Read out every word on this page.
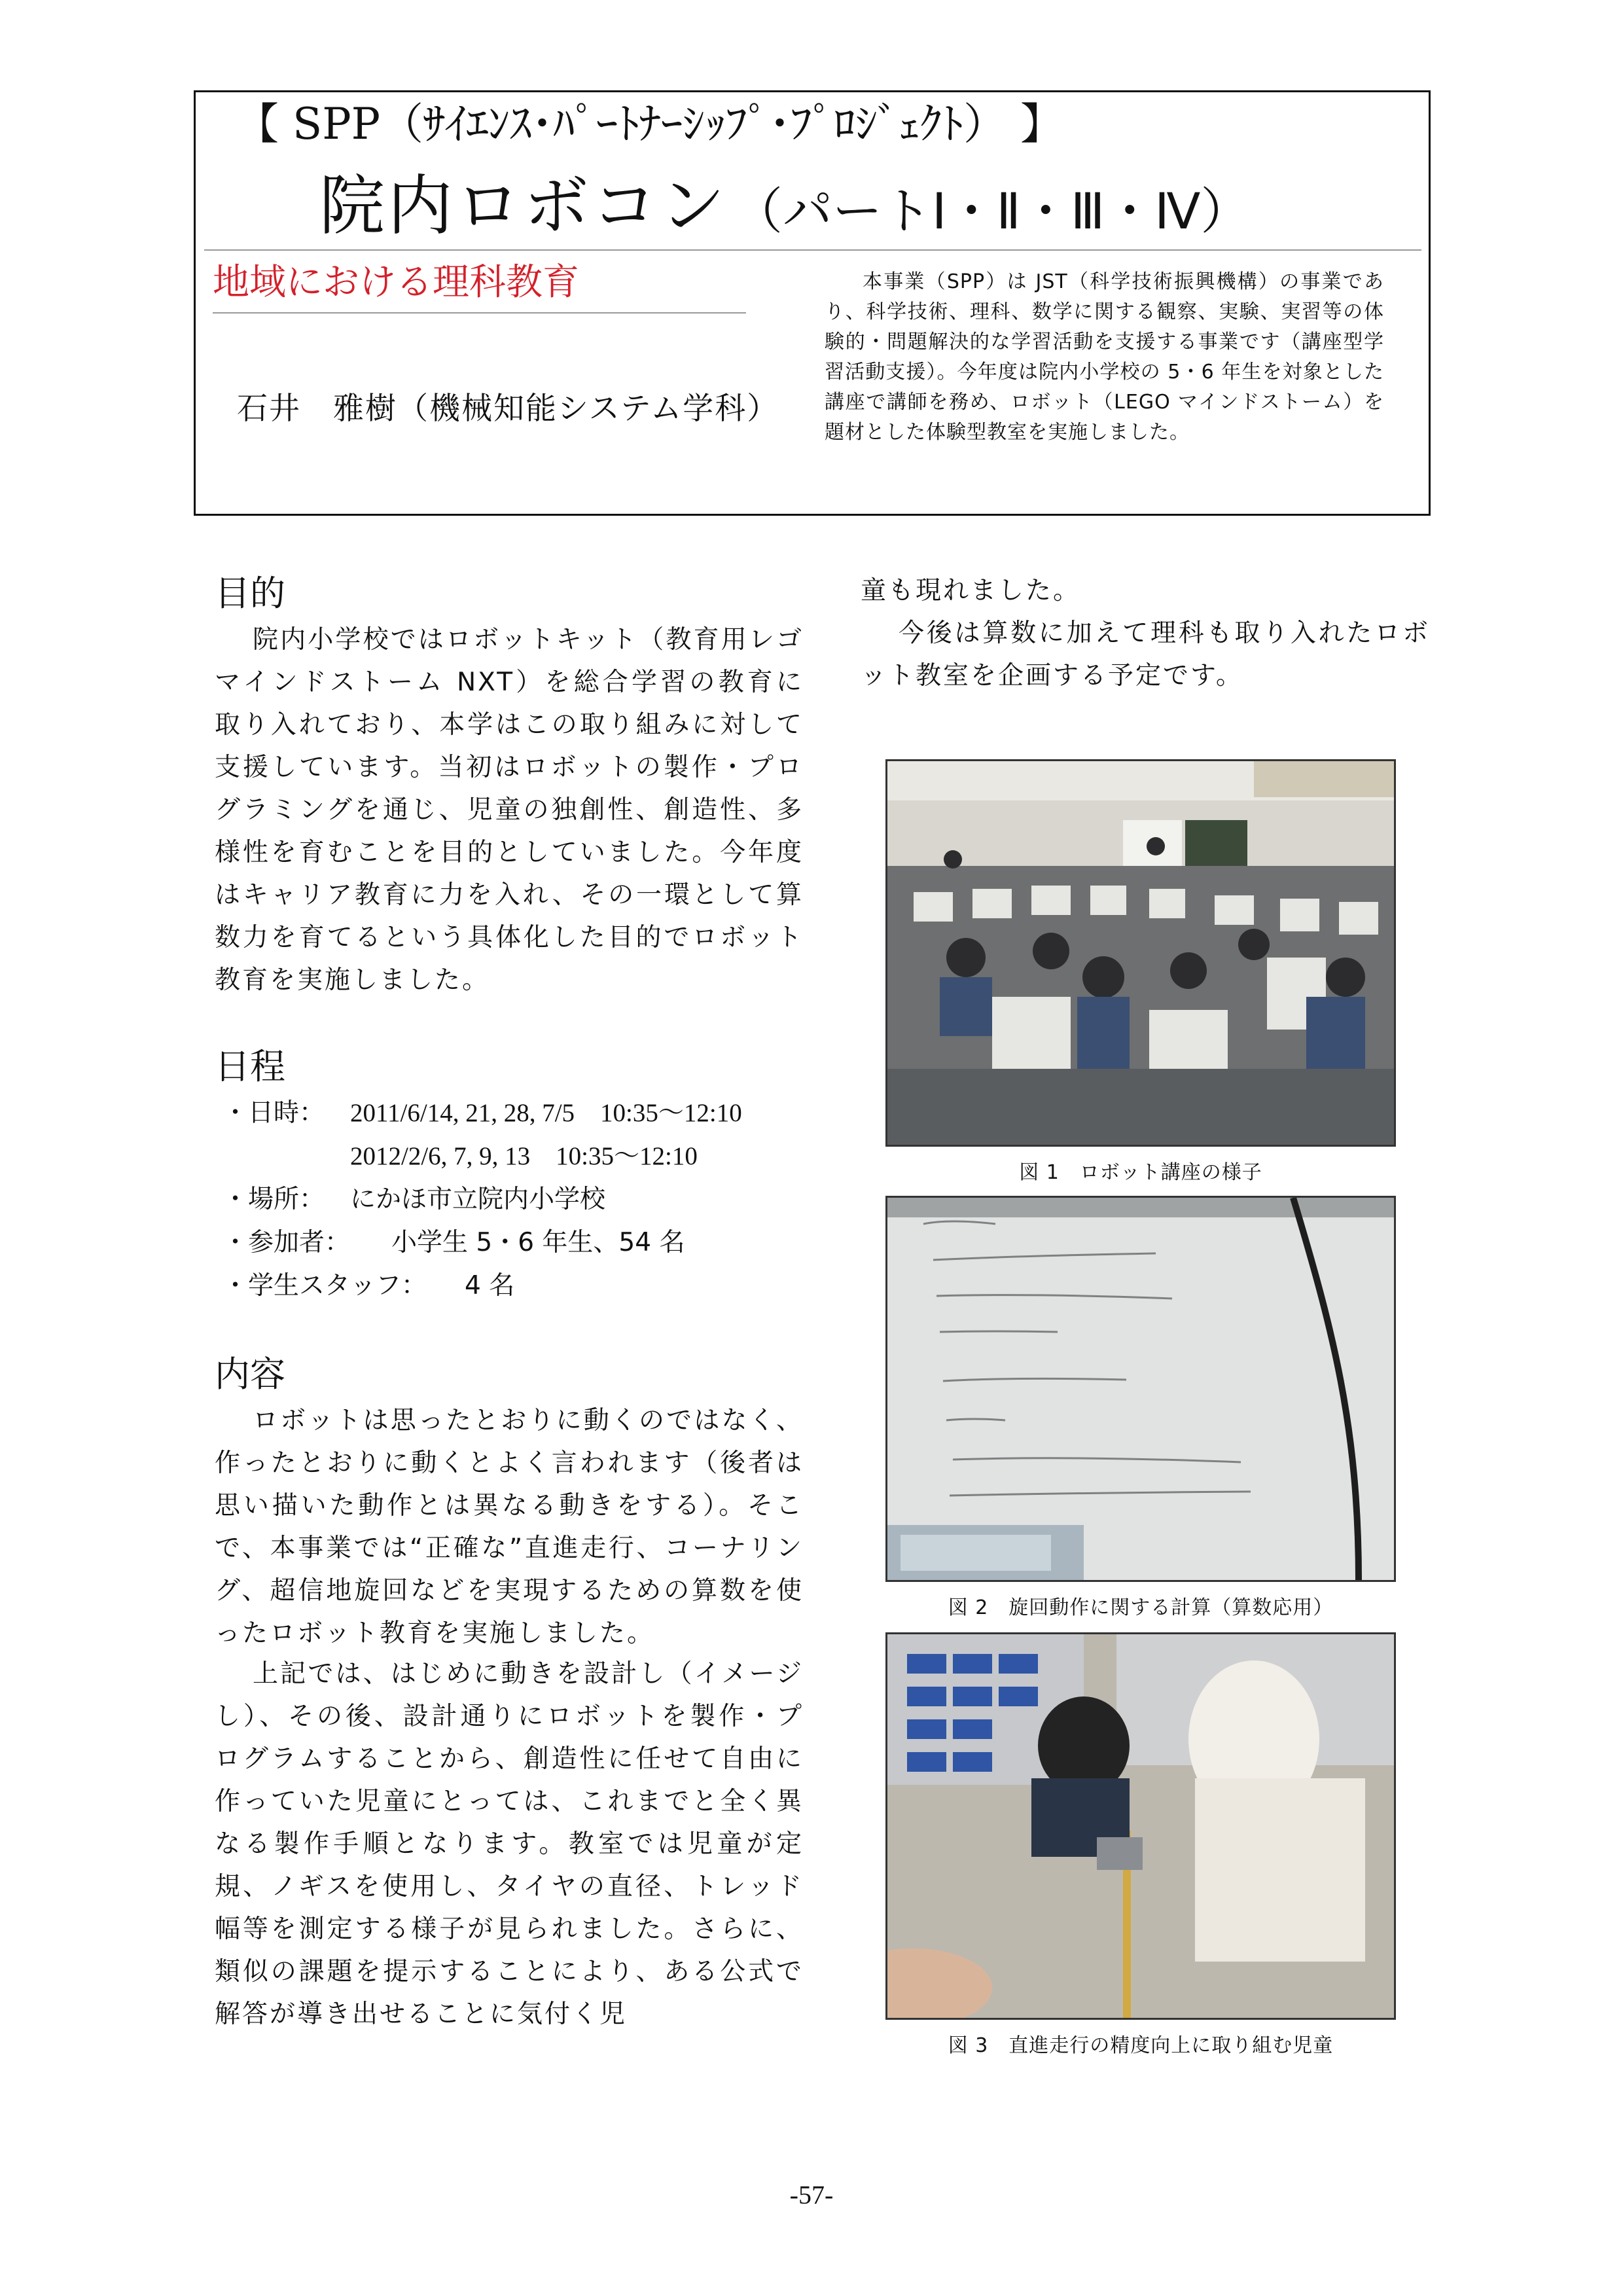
【 SPP（ｻｲｴﾝｽ･ﾊﾟｰﾄﾅｰｼｯﾌﾟ･ﾌﾟﾛｼﾞｪｸﾄ） 】
院内ロボコン （パートⅠ・Ⅱ・Ⅲ・Ⅳ）
地域における理科教育
石井　雅樹（機械知能システム学科）
本事業（SPP）は JST（科学技術振興機構）の事業であり、科学技術、理科、数学に関する観察、実験、実習等の体験的・問題解決的な学習活動を支援する事業です（講座型学習活動支援）。今年度は院内小学校の 5・6 年生を対象とした講座で講師を務め、ロボット（LEGO マインドストーム）を題材とした体験型教室を実施しました。
目的
院内小学校ではロボットキット（教育用レゴ マインドストーム NXT）を総合学習の教育に取り入れており、本学はこの取り組みに対して支援しています。当初はロボットの製作・プログラミングを通じ、児童の独創性、創造性、多様性を育むことを目的としていました。今年度はキャリア教育に力を入れ、その一環として算数力を育てるという具体化した目的でロボット教育を実施しました。
日程
・日時： 2011/6/14, 21, 28, 7/5　10:35～12:10
2012/2/6, 7, 9, 13　10:35～12:10
・場所： にかほ市立院内小学校
・参加者： 小学生 5・6 年生、54 名
・学生スタッフ： 4 名
内容
ロボットは思ったとおりに動くのではなく、作ったとおりに動くとよく言われます（後者は思い描いた動作とは異なる動きをする）。そこで、本事業では“正確な”直進走行、コーナリング、超信地旋回などを実現するための算数を使ったロボット教育を実施しました。
上記では、はじめに動きを設計し（イメージし）、その後、設計通りにロボットを製作・プログラムすることから、創造性に任せて自由に作っていた児童にとっては、これまでと全く異なる製作手順となります。教室では児童が定規、ノギスを使用し、タイヤの直径、トレッド幅等を測定する様子が見られました。さらに、類似の課題を提示することにより、ある公式で解答が導き出せることに気付く児
童も現れました。
今後は算数に加えて理科も取り入れたロボット教室を企画する予定です。
図 1　ロボット講座の様子
図 2　旋回動作に関する計算（算数応用）
図 3　直進走行の精度向上に取り組む児童
-57-
